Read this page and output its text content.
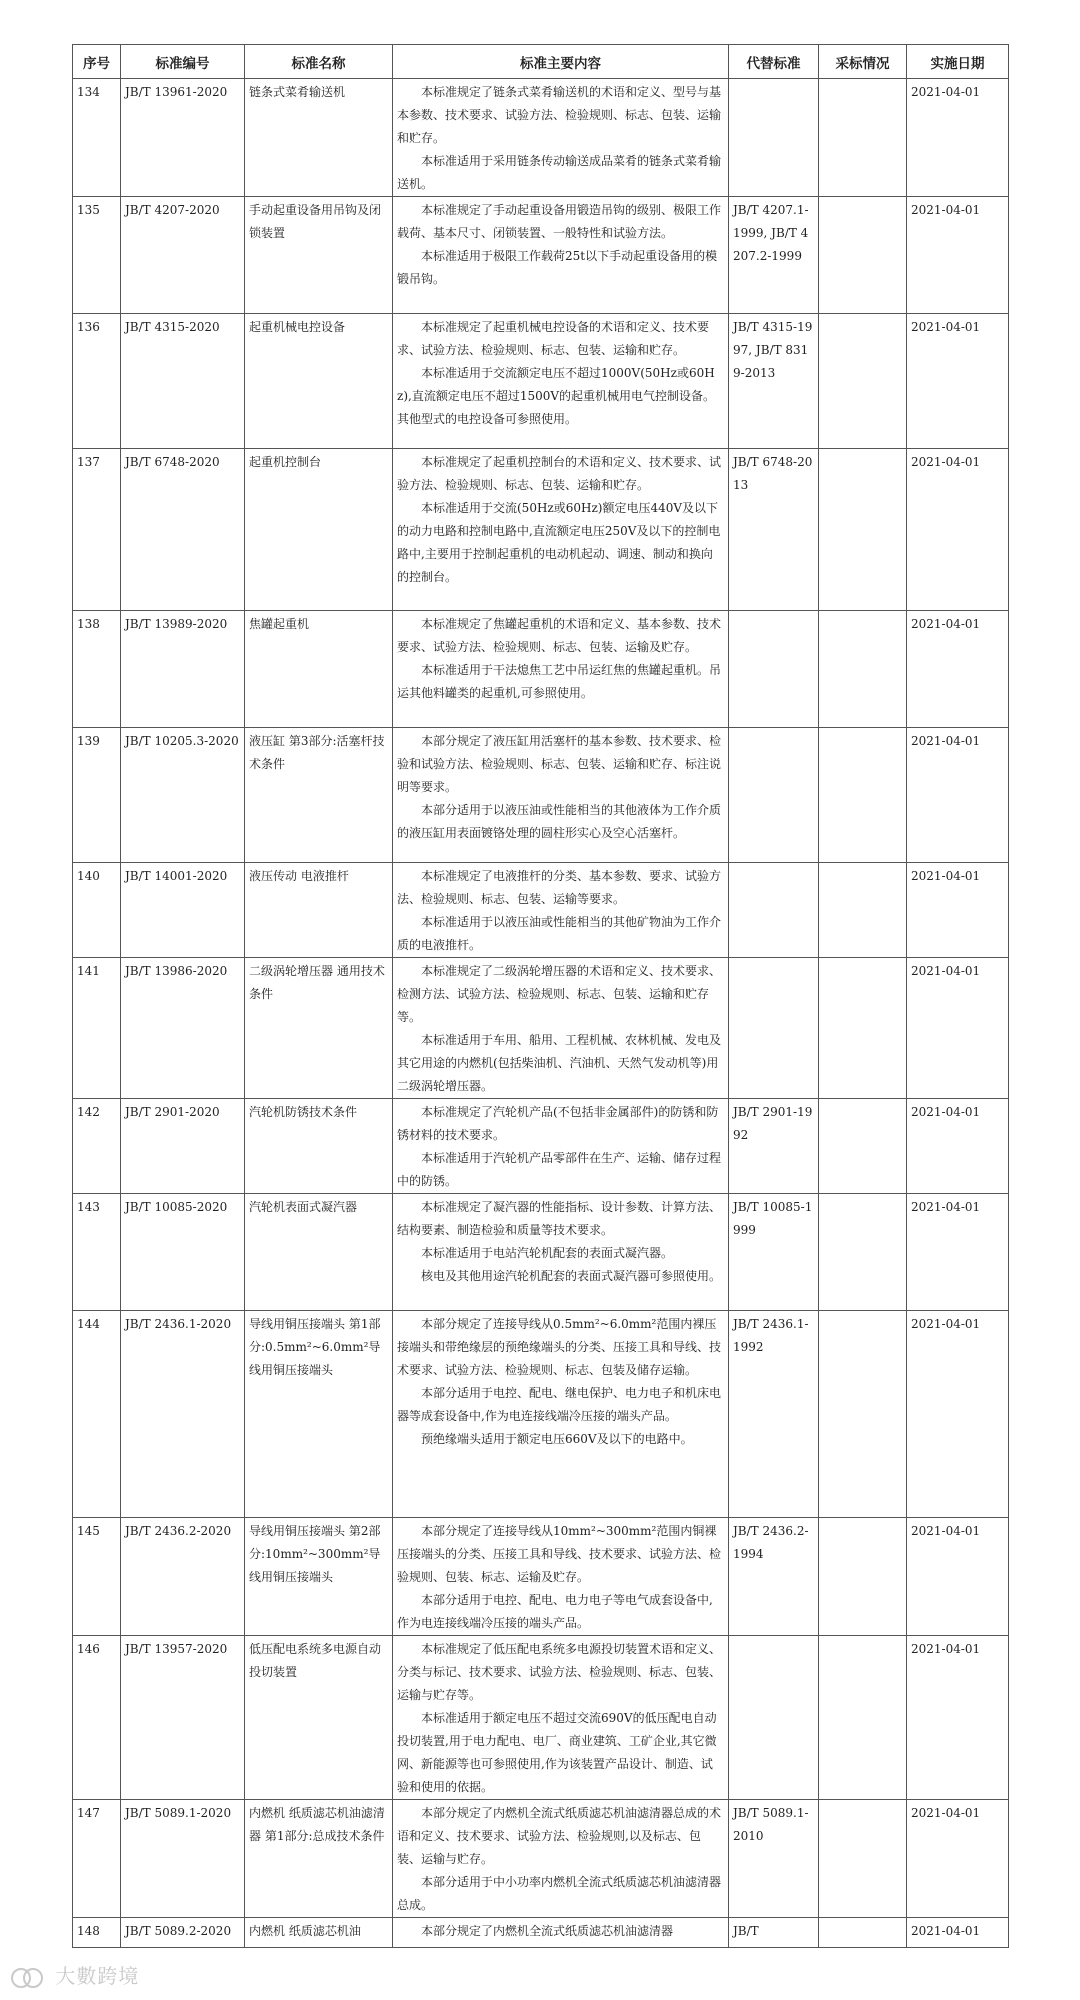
序号	标准编号	标准名称	标准主要内容	代替标准	采标情况	实施日期
134	JB/T 13961-2020	链条式菜肴输送机	本标准规定了链条式菜肴输送机的术语和定义、型号与基本参数、技术要求、试验方法、检验规则、标志、包装、运输和贮存。

本标准适用于采用链条传动输送成品菜肴的链条式菜肴输送机。			2021-04-01
135	JB/T 4207-2020	手动起重设备用吊钩及闭锁装置	本标准规定了手动起重设备用锻造吊钩的级别、极限工作载荷、基本尺寸、闭锁装置、一般特性和试验方法。

本标准适用于极限工作载荷25t以下手动起重设备用的模锻吊钩。	JB/T 4207.1-1999, JB/T 4207.2-1999		2021-04-01
136	JB/T 4315-2020	起重机械电控设备	本标准规定了起重机械电控设备的术语和定义、技术要求、试验方法、检验规则、标志、包装、运输和贮存。

本标准适用于交流额定电压不超过1000V(50Hz或60Hz),直流额定电压不超过1500V的起重机械用电气控制设备。其他型式的电控设备可参照使用。	JB/T 4315-1997, JB/T 8319-2013		2021-04-01
137	JB/T 6748-2020	起重机控制台	本标准规定了起重机控制台的术语和定义、技术要求、试验方法、检验规则、标志、包装、运输和贮存。

本标准适用于交流(50Hz或60Hz)额定电压440V及以下的动力电路和控制电路中,直流额定电压250V及以下的控制电路中,主要用于控制起重机的电动机起动、调速、制动和换向的控制台。	JB/T 6748-2013		2021-04-01
138	JB/T 13989-2020	焦罐起重机	本标准规定了焦罐起重机的术语和定义、基本参数、技术要求、试验方法、检验规则、标志、包装、运输及贮存。

本标准适用于干法熄焦工艺中吊运红焦的焦罐起重机。吊运其他料罐类的起重机,可参照使用。			2021-04-01
139	JB/T 10205.3-2020	液压缸 第3部分:活塞杆技术条件	本部分规定了液压缸用活塞杆的基本参数、技术要求、检验和试验方法、检验规则、标志、包装、运输和贮存、标注说明等要求。

本部分适用于以液压油或性能相当的其他液体为工作介质的液压缸用表面镀铬处理的圆柱形实心及空心活塞杆。			2021-04-01
140	JB/T 14001-2020	液压传动 电液推杆	本标准规定了电液推杆的分类、基本参数、要求、试验方法、检验规则、标志、包装、运输等要求。

本标准适用于以液压油或性能相当的其他矿物油为工作介质的电液推杆。			2021-04-01
141	JB/T 13986-2020	二级涡轮增压器 通用技术条件	本标准规定了二级涡轮增压器的术语和定义、技术要求、检测方法、试验方法、检验规则、标志、包装、运输和贮存等。

本标准适用于车用、船用、工程机械、农林机械、发电及其它用途的内燃机(包括柴油机、汽油机、天然气发动机等)用二级涡轮增压器。			2021-04-01
142	JB/T 2901-2020	汽轮机防锈技术条件	本标准规定了汽轮机产品(不包括非金属部件)的防锈和防锈材料的技术要求。

本标准适用于汽轮机产品零部件在生产、运输、储存过程中的防锈。	JB/T 2901-1992		2021-04-01
143	JB/T 10085-2020	汽轮机表面式凝汽器	本标准规定了凝汽器的性能指标、设计参数、计算方法、结构要素、制造检验和质量等技术要求。

本标准适用于电站汽轮机配套的表面式凝汽器。

核电及其他用途汽轮机配套的表面式凝汽器可参照使用。	JB/T 10085-1999		2021-04-01
144	JB/T 2436.1-2020	导线用铜压接端头 第1部分:0.5mm²~6.0mm²导线用铜压接端头	本部分规定了连接导线从0.5mm²~6.0mm²范围内裸压接端头和带绝缘层的预绝缘端头的分类、压接工具和导线、技术要求、试验方法、检验规则、标志、包装及储存运输。

本部分适用于电控、配电、继电保护、电力电子和机床电器等成套设备中,作为电连接线端冷压接的端头产品。

预绝缘端头适用于额定电压660V及以下的电路中。	JB/T 2436.1-1992		2021-04-01
145	JB/T 2436.2-2020	导线用铜压接端头 第2部分:10mm²~300mm²导线用铜压接端头	本部分规定了连接导线从10mm²~300mm²范围内铜裸压接端头的分类、压接工具和导线、技术要求、试验方法、检验规则、包装、标志、运输及贮存。

本部分适用于电控、配电、电力电子等电气成套设备中,作为电连接线端冷压接的端头产品。	JB/T 2436.2-1994		2021-04-01
146	JB/T 13957-2020	低压配电系统多电源自动投切装置	本标准规定了低压配电系统多电源投切装置术语和定义、分类与标记、技术要求、试验方法、检验规则、标志、包装、运输与贮存等。

本标准适用于额定电压不超过交流690V的低压配电自动投切装置,用于电力配电、电厂、商业建筑、工矿企业,其它微网、新能源等也可参照使用,作为该装置产品设计、制造、试验和使用的依据。			2021-04-01
147	JB/T 5089.1-2020	内燃机 纸质滤芯机油滤清器 第1部分:总成技术条件	本部分规定了内燃机全流式纸质滤芯机油滤清器总成的术语和定义、技术要求、试验方法、检验规则,以及标志、包装、运输与贮存。

本部分适用于中小功率内燃机全流式纸质滤芯机油滤清器总成。	JB/T 5089.1-2010		2021-04-01
148	JB/T 5089.2-2020	内燃机 纸质滤芯机油	本部分规定了内燃机全流式纸质滤芯机油滤清器	JB/T		2021-04-01
大數跨境
